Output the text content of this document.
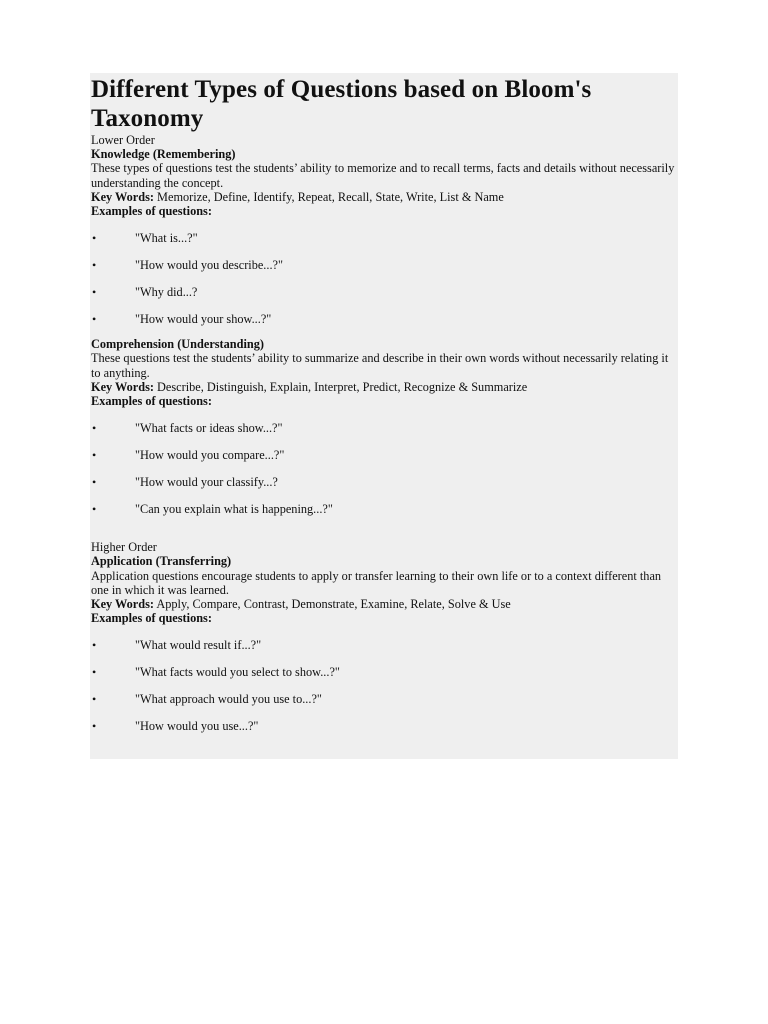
Different Types of Questions based on Bloom's Taxonomy

Lower Order

Knowledge (Remembering)

These types of questions test the students’ ability to memorize and to recall terms, facts and details without necessarily understanding the concept.

Key Words: Memorize, Define, Identify, Repeat, Recall, State, Write, List & Name

Examples of questions:

•	"What is...?"
•	"How would you describe...?"
•	"Why did...?
•	"How would your show...?"

Comprehension (Understanding)

These questions test the students’ ability to summarize and describe in their own words without necessarily relating it to anything.

Key Words: Describe, Distinguish, Explain, Interpret, Predict, Recognize & Summarize

Examples of questions:

•	"What facts or ideas show...?"
•	"How would you compare...?"
•	"How would your classify...?
•	"Can you explain what is happening...?"

Higher Order

Application (Transferring)

Application questions encourage students to apply or transfer learning to their own life or to a context different than one in which it was learned.

Key Words: Apply, Compare, Contrast, Demonstrate, Examine, Relate, Solve & Use

Examples of questions:

•	"What would result if...?"
•	"What facts would you select to show...?"
•	"What approach would you use to...?"
•	"How would you use...?"
